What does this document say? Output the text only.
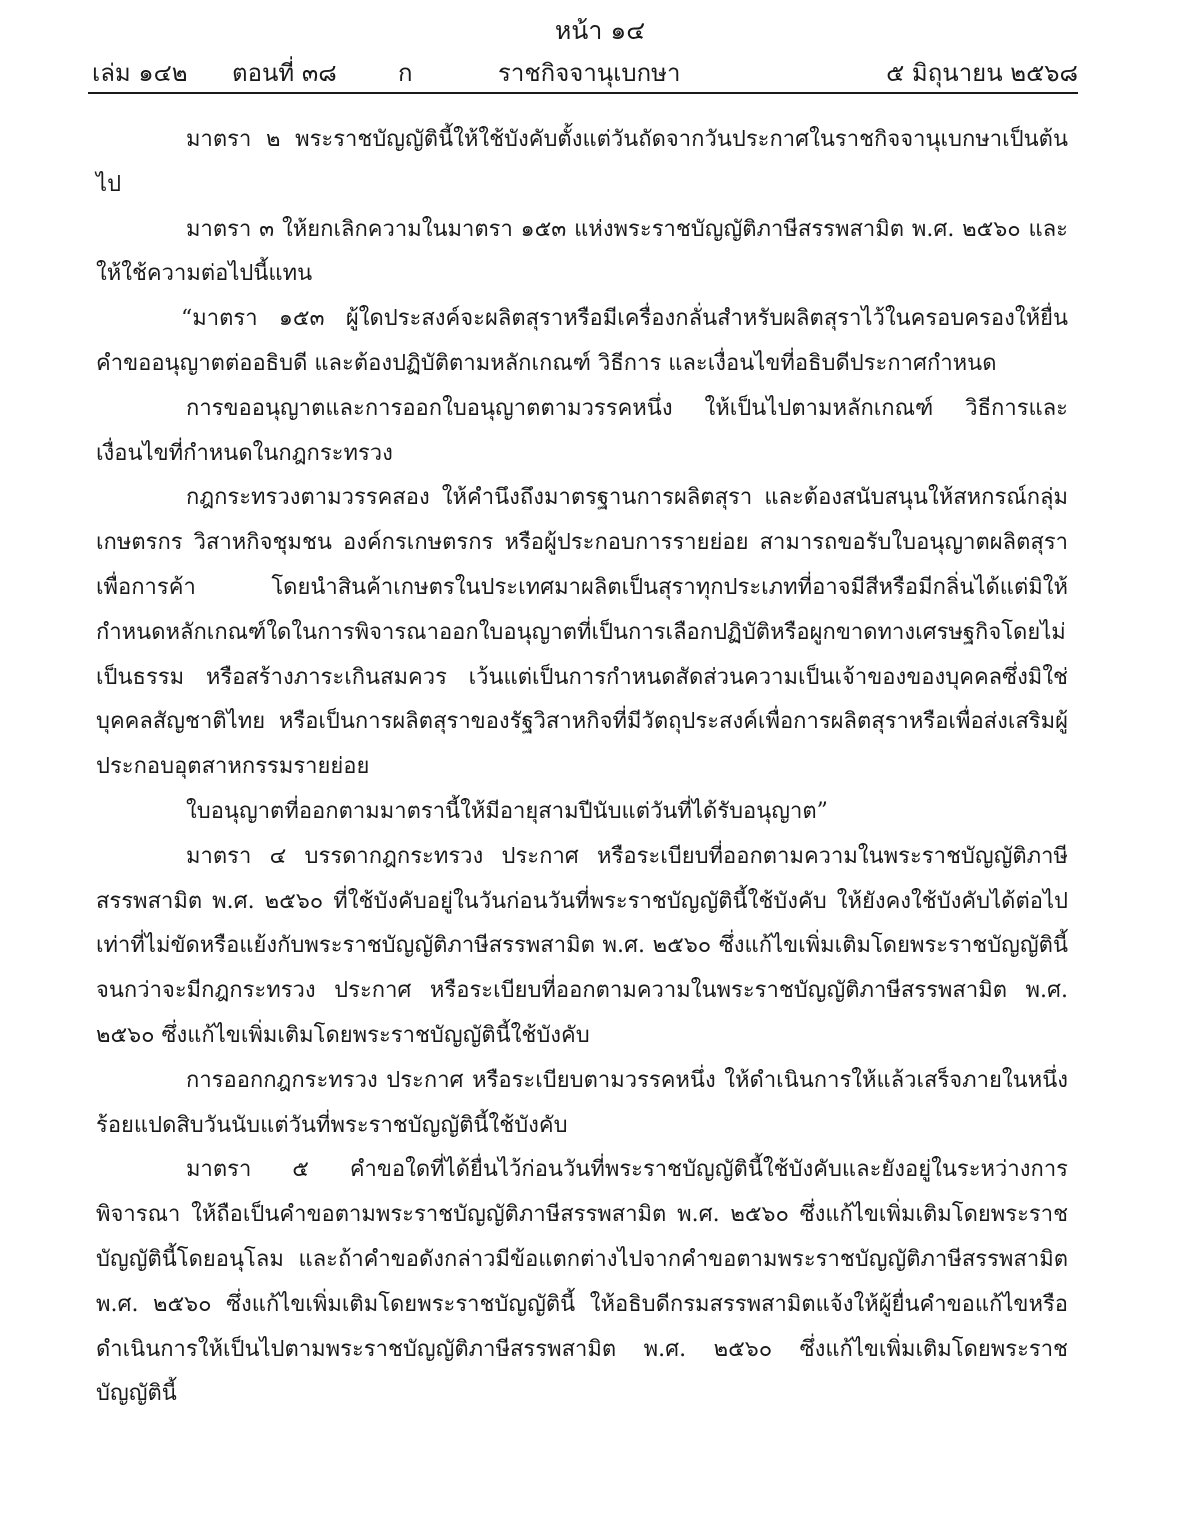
หน้า ๑๔
เล่ม ๑๔๒ ตอนที่ ๓๘	ก	ราชกิจจานุเบกษา	๕ มิถุนายน ๒๕๖๘

มาตรา ๒ พระราชบัญญัตินี้ให้ใช้บังคับตั้งแต่วันถัดจากวันประกาศในราชกิจจานุเบกษาเป็นต้นไป

มาตรา ๓ ให้ยกเลิกความในมาตรา ๑๕๓ แห่งพระราชบัญญัติภาษีสรรพสามิต พ.ศ. ๒๕๖๐ และให้ใช้ความต่อไปนี้แทน

“มาตรา ๑๕๓ ผู้ใดประสงค์จะผลิตสุราหรือมีเครื่องกลั่นสำหรับผลิตสุราไว้ในครอบครองให้ยื่นคำขออนุญาตต่ออธิบดี และต้องปฏิบัติตามหลักเกณฑ์ วิธีการ และเงื่อนไขที่อธิบดีประกาศกำหนด

การขออนุญาตและการออกใบอนุญาตตามวรรคหนึ่ง ให้เป็นไปตามหลักเกณฑ์ วิธีการและเงื่อนไขที่กำหนดในกฎกระทรวง

กฎกระทรวงตามวรรคสอง ให้คำนึงถึงมาตรฐานการผลิตสุรา และต้องสนับสนุนให้สหกรณ์กลุ่มเกษตรกร วิสาหกิจชุมชน องค์กรเกษตรกร หรือผู้ประกอบการรายย่อย สามารถขอรับใบอนุญาตผลิตสุราเพื่อการค้า โดยนำสินค้าเกษตรในประเทศมาผลิตเป็นสุราทุกประเภทที่อาจมีสีหรือมีกลิ่นได้แต่มิให้กำหนดหลักเกณฑ์ใดในการพิจารณาออกใบอนุญาตที่เป็นการเลือกปฏิบัติหรือผูกขาดทางเศรษฐกิจโดยไม่เป็นธรรม หรือสร้างภาระเกินสมควร เว้นแต่เป็นการกำหนดสัดส่วนความเป็นเจ้าของของบุคคลซึ่งมิใช่บุคคลสัญชาติไทย หรือเป็นการผลิตสุราของรัฐวิสาหกิจที่มีวัตถุประสงค์เพื่อการผลิตสุราหรือเพื่อส่งเสริมผู้ประกอบอุตสาหกรรมรายย่อย

ใบอนุญาตที่ออกตามมาตรานี้ให้มีอายุสามปีนับแต่วันที่ได้รับอนุญาต”

มาตรา ๔ บรรดากฎกระทรวง ประกาศ หรือระเบียบที่ออกตามความในพระราชบัญญัติภาษีสรรพสามิต พ.ศ. ๒๕๖๐ ที่ใช้บังคับอยู่ในวันก่อนวันที่พระราชบัญญัตินี้ใช้บังคับ ให้ยังคงใช้บังคับได้ต่อไปเท่าที่ไม่ขัดหรือแย้งกับพระราชบัญญัติภาษีสรรพสามิต พ.ศ. ๒๕๖๐ ซึ่งแก้ไขเพิ่มเติมโดยพระราชบัญญัตินี้ จนกว่าจะมีกฎกระทรวง ประกาศ หรือระเบียบที่ออกตามความในพระราชบัญญัติภาษีสรรพสามิต พ.ศ. ๒๕๖๐ ซึ่งแก้ไขเพิ่มเติมโดยพระราชบัญญัตินี้ใช้บังคับ

การออกกฎกระทรวง ประกาศ หรือระเบียบตามวรรคหนึ่ง ให้ดำเนินการให้แล้วเสร็จภายในหนึ่งร้อยแปดสิบวันนับแต่วันที่พระราชบัญญัตินี้ใช้บังคับ

มาตรา ๕ คำขอใดที่ได้ยื่นไว้ก่อนวันที่พระราชบัญญัตินี้ใช้บังคับและยังอยู่ในระหว่างการพิจารณา ให้ถือเป็นคำขอตามพระราชบัญญัติภาษีสรรพสามิต พ.ศ. ๒๕๖๐ ซึ่งแก้ไขเพิ่มเติมโดยพระราชบัญญัตินี้โดยอนุโลม และถ้าคำขอดังกล่าวมีข้อแตกต่างไปจากคำขอตามพระราชบัญญัติภาษีสรรพสามิต พ.ศ. ๒๕๖๐ ซึ่งแก้ไขเพิ่มเติมโดยพระราชบัญญัตินี้ ให้อธิบดีกรมสรรพสามิตแจ้งให้ผู้ยื่นคำขอแก้ไขหรือดำเนินการให้เป็นไปตามพระราชบัญญัติภาษีสรรพสามิต พ.ศ. ๒๕๖๐ ซึ่งแก้ไขเพิ่มเติมโดยพระราชบัญญัตินี้
